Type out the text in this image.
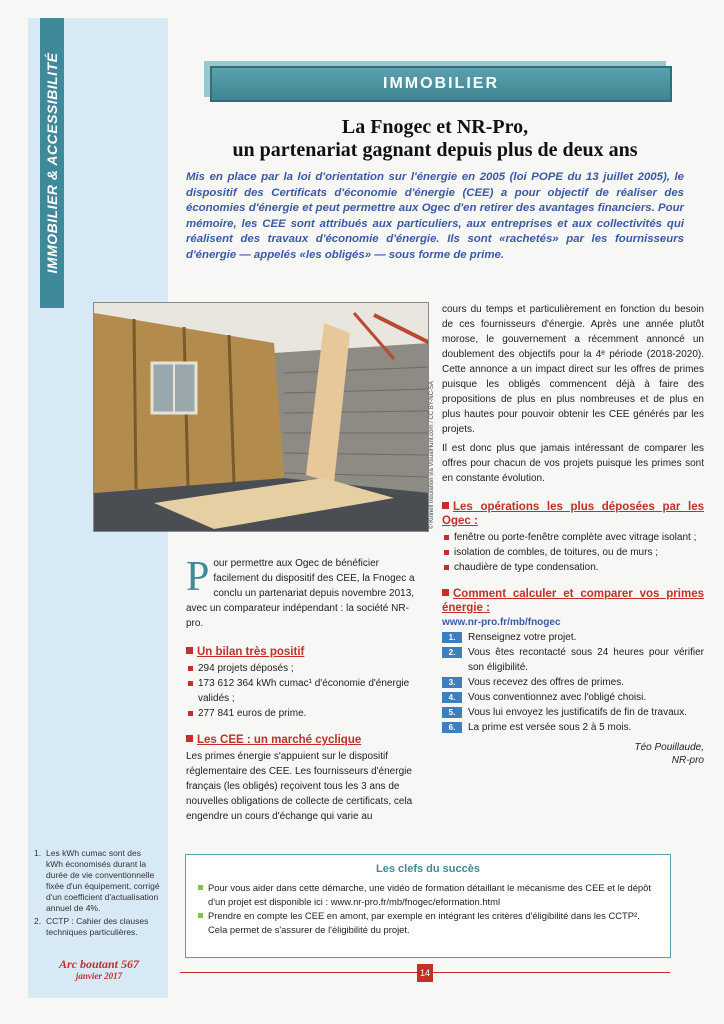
IMMOBILIER & ACCESSIBILITÉ	IMMOBILIER
La Fnogec et NR-Pro,
un partenariat gagnant depuis plus de deux ans
Mis en place par la loi d'orientation sur l'énergie en 2005 (loi POPE du 13 juillet 2005), le dispositif des Certificats d'économie d'énergie (CEE) a pour objectif de réaliser des économies d'énergie et peut permettre aux Ogec d'en retirer des avantages financiers. Pour mémoire, les CEE sont attribués aux particuliers, aux entreprises et aux collectivités qui réalisent des travaux d'économie d'énergie. Ils sont «rachetés» par les fournisseurs d'énergie — appelés «les obligés» — sous forme de prime.
© Kinnell Insulation via VisualHunt.com / CC BY-NC-SA

cours du temps et particulièrement en fonction du besoin de ces fournisseurs d'énergie. Après une année plutôt morose, le gouvernement a récemment annoncé un doublement des objectifs pour la 4ᵉ période (2018-2020). Cette annonce a un impact direct sur les offres de primes puisque les obligés commencent déjà à faire des propositions de plus en plus nombreuses et de plus en plus hautes pour pouvoir obtenir les CEE générés par les projets.

Il est donc plus que jamais intéressant de comparer les offres pour chacun de vos projets puisque les primes sont en constante évolution.

Les opérations les plus déposées par les Ogec :
fenêtre ou porte-fenêtre complète avec vitrage isolant ;
isolation de combles, de toitures, ou de murs ;
chaudière de type condensation.
Comment calculer et comparer vos primes énergie :
www.nr-pro.fr/mb/fnogec
1.	Renseignez votre projet.
2.	Vous êtes recontacté sous 24 heures pour vérifier son éligibilité.
3.	Vous recevez des offres de primes.
4.	Vous conventionnez avec l'obligé choisi.
5.	Vous lui envoyez les justificatifs de fin de travaux.
6.	La prime est versée sous 2 à 5 mois.
Téo Pouillaude,
NR-pro

Pour permettre aux Ogec de bénéficier facilement du dispositif des CEE, la Fnogec a conclu un partenariat depuis novembre 2013, avec un comparateur indépendant : la société NR-pro.

Un bilan très positif
294 projets déposés ;
173 612 364 kWh cumac¹ d'économie d'énergie validés ;
277 841 euros de prime.
Les CEE : un marché cyclique

Les primes énergie s'appuient sur le dispositif réglementaire des CEE. Les fournisseurs d'énergie français (les obligés) reçoivent tous les 3 ans de nouvelles obligations de collecte de certificats, cela engendre un cours d'échange qui varie au

1. Les kWh cumac sont des kWh économisés durant la durée de vie conventionnelle fixée d'un équipement, corrigé d'un coefficient d'actualisation annuel de 4%.
2. CCTP : Cahier des clauses techniques particulières.
Arc boutant 567
janvier 2017
Les clefs du succès

Pour vous aider dans cette démarche, une vidéo de formation détaillant le mécanisme des CEE et le dépôt d'un projet est disponible ici : www.nr-pro.fr/mb/fnogec/eformation.html

Prendre en compte les CEE en amont, par exemple en intégrant les critères d'éligibilité dans les CCTP². Cela permet de s'assurer de l'éligibilité du projet.

14
